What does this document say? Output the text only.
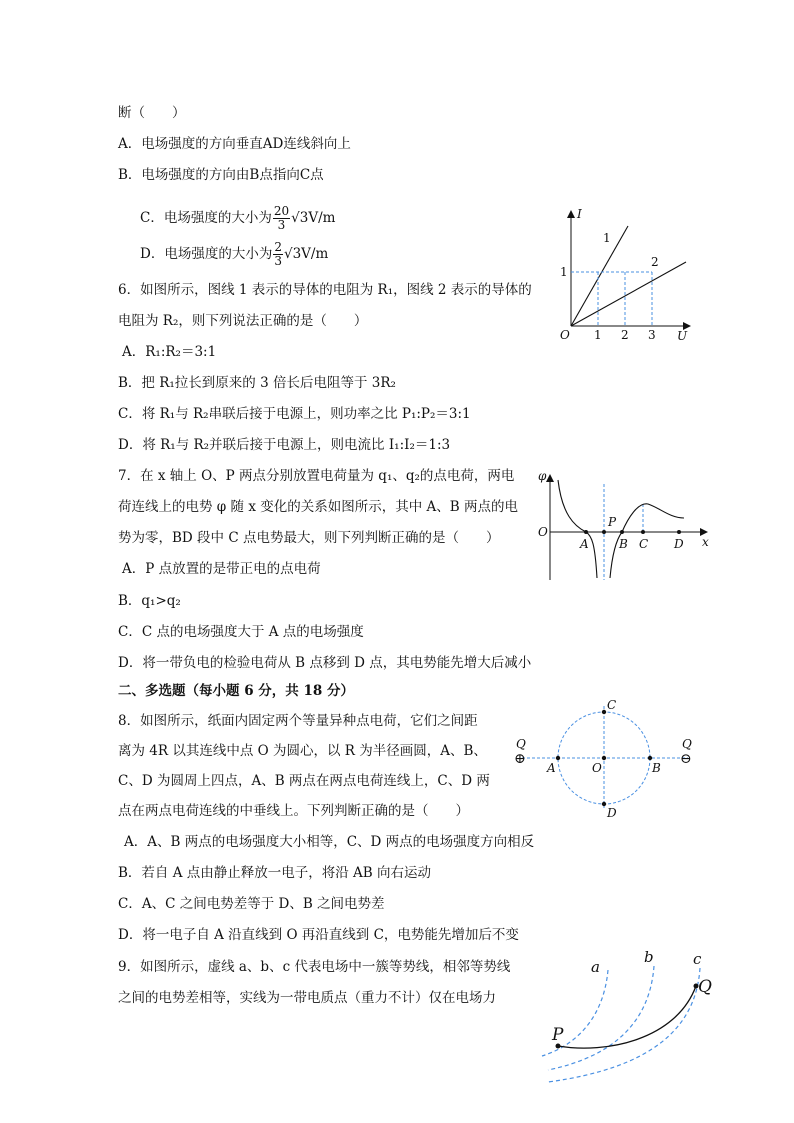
断（　　）
A．电场强度的方向垂直AD连线斜向上
B．电场强度的方向由B点指向C点
C．电场强度的大小为 $\frac{20}{3} √3V/m$
D．电场强度的大小为 $\frac{2}{3} √3V/m$
6．如图所示，图线 1 表示的导体的电阻为 R₁，图线 2 表示的导体的
电阻为 R₂，则下列说法正确的是（　　）
A．R₁:R₂＝3:1
B．把 R₁拉长到原来的 3 倍长后电阻等于 3R₂
C．将 R₁与 R₂串联后接于电源上，则功率之比 P₁:P₂＝3:1
D．将 R₁与 R₂并联后接于电源上，则电流比 I₁:I₂＝1:3
I
U
O 1 2 3
1
1
2
7．在 x 轴上 O、P 两点分别放置电荷量为 q₁、q₂的点电荷，两电
荷连线上的电势 φ 随 x 变化的关系如图所示，其中 A、B 两点的电
势为零，BD 段中 C 点电势最大，则下列判断正确的是（　　）
A．P 点放置的是带正电的点电荷
B．q₁>q₂
C．C 点的电场强度大于 A 点的电场强度
D．将一带负电的检验电荷从 B 点移到 D 点，其电势能先增大后减小
φ
x
O
A
P
B C D
二、多选题（每小题 6 分，共 18 分）
8．如图所示，纸面内固定两个等量异种点电荷，它们之间距
离为 4R 以其连线中点 O 为圆心，以 R 为半径画圆，A、B、
C、D 为圆周上四点，A、B 两点在两点电荷连线上，C、D 两
点在两点电荷连线的中垂线上。下列判断正确的是（　　）
A．A、B 两点的电场强度大小相等，C、D 两点的电场强度方向相反
B．若自 A 点由静止释放一电子，将沿 AB 向右运动
C．A、C 之间电势差等于 D、B 之间电势差
D．将一电子自 A 沿直线到 O 再沿直线到 C，电势能先增加后不变
Q
⊕
Q
⊖
A	B
C
D
O
9．如图所示，虚线 a、b、c 代表电场中一簇等势线，相邻等势线
之间的电势差相等，实线为一带电质点（重力不计）仅在电场力
a
b	c
P
Q
